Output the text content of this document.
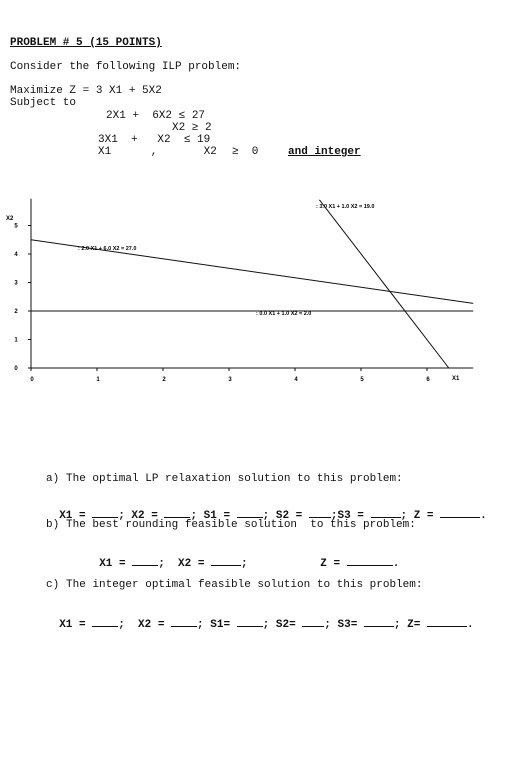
PROBLEM # 5 (15 POINTS)
Consider the following ILP problem:
Maximize Z = 3 X1 + 5X2
Subject to
2X1 +  6X2 ≤ 27
X2 ≥ 2
3X1  +   X2  ≤ 19
X1      ,       X2 ≥  0	and integer
0	1	2	3	4	5	6
0
1
2
3
4
5
: 2.0 X1 + 6.0 X2 = 27.0
: 3.0 X1 + 1.0 X2 = 19.0
: 0.0 X1 + 1.0 X2 = 2.0
X1
X2
a) The optimal LP relaxation solution to this problem:

X1 =	; X2 =	; S1 =	; S2 =	;S3 =	; Z =	.

b) The best rounding feasible solution  to this problem:

X1 =	;  X2 =	;	Z =	.

c) The integer optimal feasible solution to this problem:

X1 =	;  X2 =	; S1=	; S2=	; S3=	; Z=	.
